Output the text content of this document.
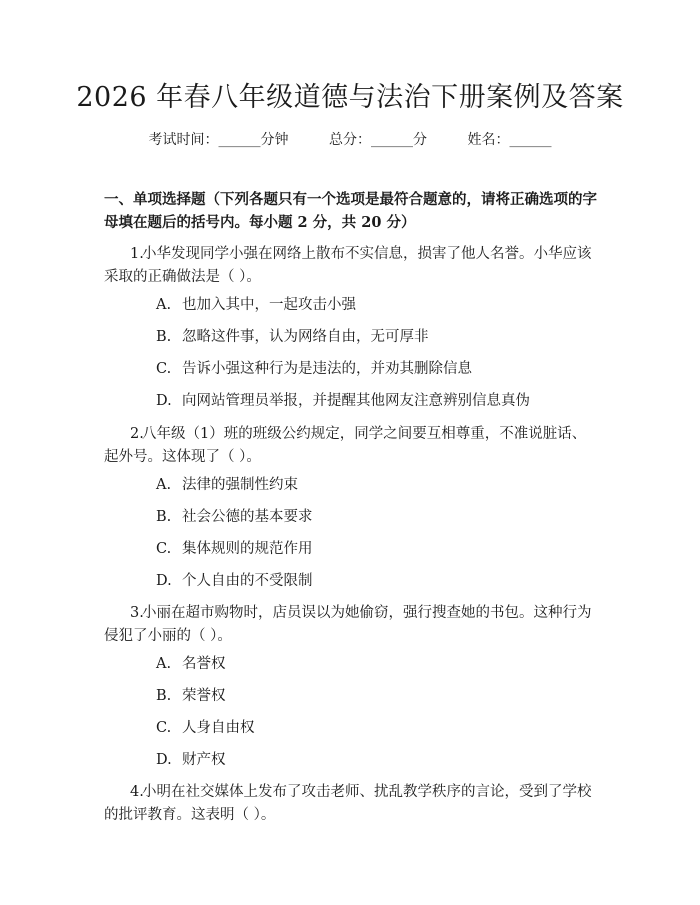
2026 年春八年级道德与法治下册案例及答案
考试时间：______分钟	总分：______分	姓名：______
一、单项选择题（下列各题只有一个选项是最符合题意的，请将正确选项的字母填在题后的括号内。每小题 2 分，共 20 分）
1.小华发现同学小强在网络上散布不实信息，损害了他人名誉。小华应该采取的正确做法是（ ）。
A. 也加入其中，一起攻击小强
B. 忽略这件事，认为网络自由，无可厚非
C. 告诉小强这种行为是违法的，并劝其删除信息
D. 向网站管理员举报，并提醒其他网友注意辨别信息真伪
2.八年级（1）班的班级公约规定，同学之间要互相尊重，不准说脏话、起外号。这体现了（ ）。
A. 法律的强制性约束
B. 社会公德的基本要求
C. 集体规则的规范作用
D. 个人自由的不受限制
3.小丽在超市购物时，店员误以为她偷窃，强行搜查她的书包。这种行为侵犯了小丽的（ ）。
A. 名誉权
B. 荣誉权
C. 人身自由权
D. 财产权
4.小明在社交媒体上发布了攻击老师、扰乱教学秩序的言论，受到了学校的批评教育。这表明（ ）。
